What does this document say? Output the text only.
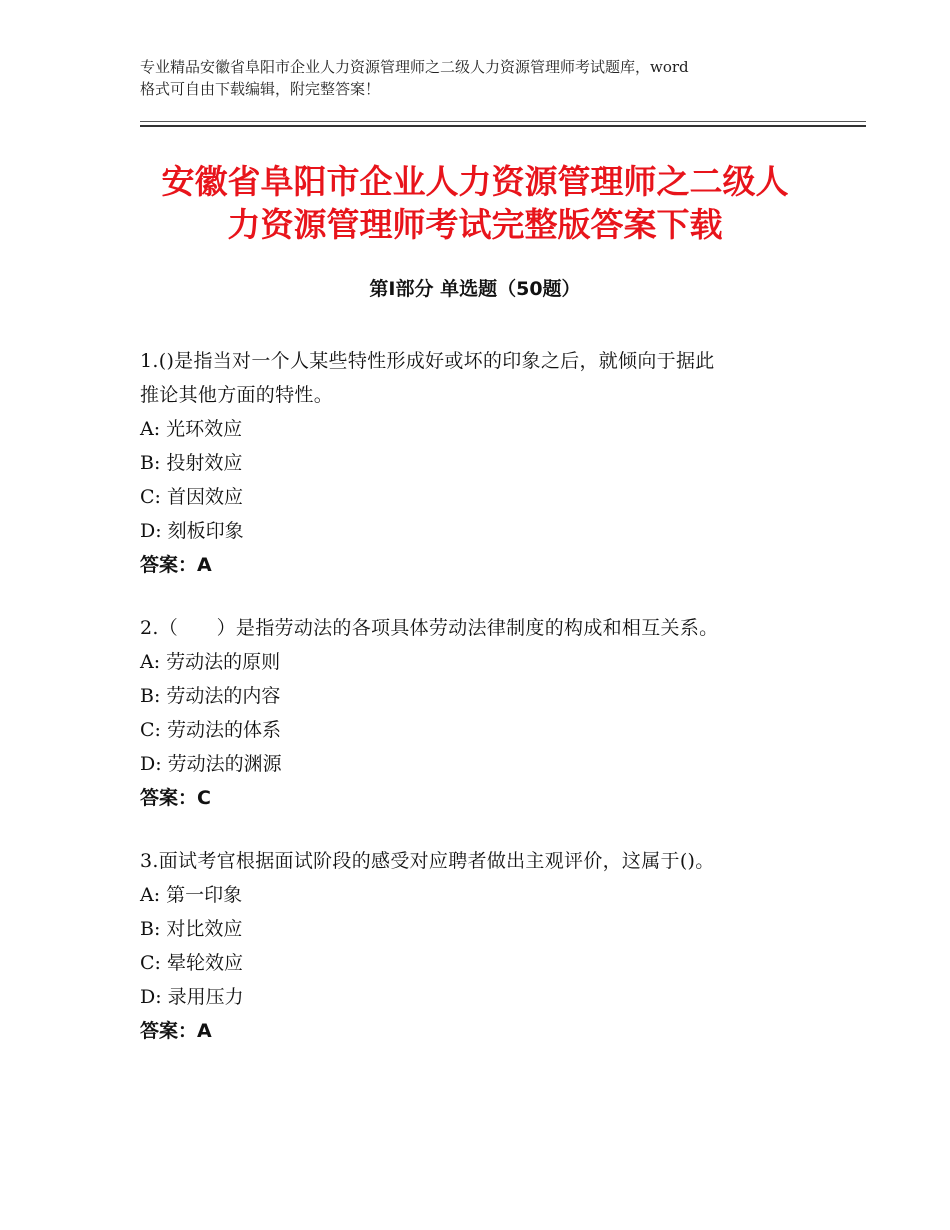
专业精品安徽省阜阳市企业人力资源管理师之二级人力资源管理师考试题库，word

格式可自由下载编辑，附完整答案！

安徽省阜阳市企业人力资源管理师之二级人

力资源管理师考试完整版答案下载

第Ⅰ部分 单选题（50题）

1.()是指当对一个人某些特性形成好或坏的印象之后，就倾向于据此

推论其他方面的特性。

A: 光环效应

B: 投射效应

C: 首因效应

D: 刻板印象

答案：A

2.（　　）是指劳动法的各项具体劳动法律制度的构成和相互关系。

A: 劳动法的原则

B: 劳动法的内容

C: 劳动法的体系

D: 劳动法的渊源

答案：C

3.面试考官根据面试阶段的感受对应聘者做出主观评价，这属于()。

A: 第一印象

B: 对比效应

C: 晕轮效应

D: 录用压力

答案：A
